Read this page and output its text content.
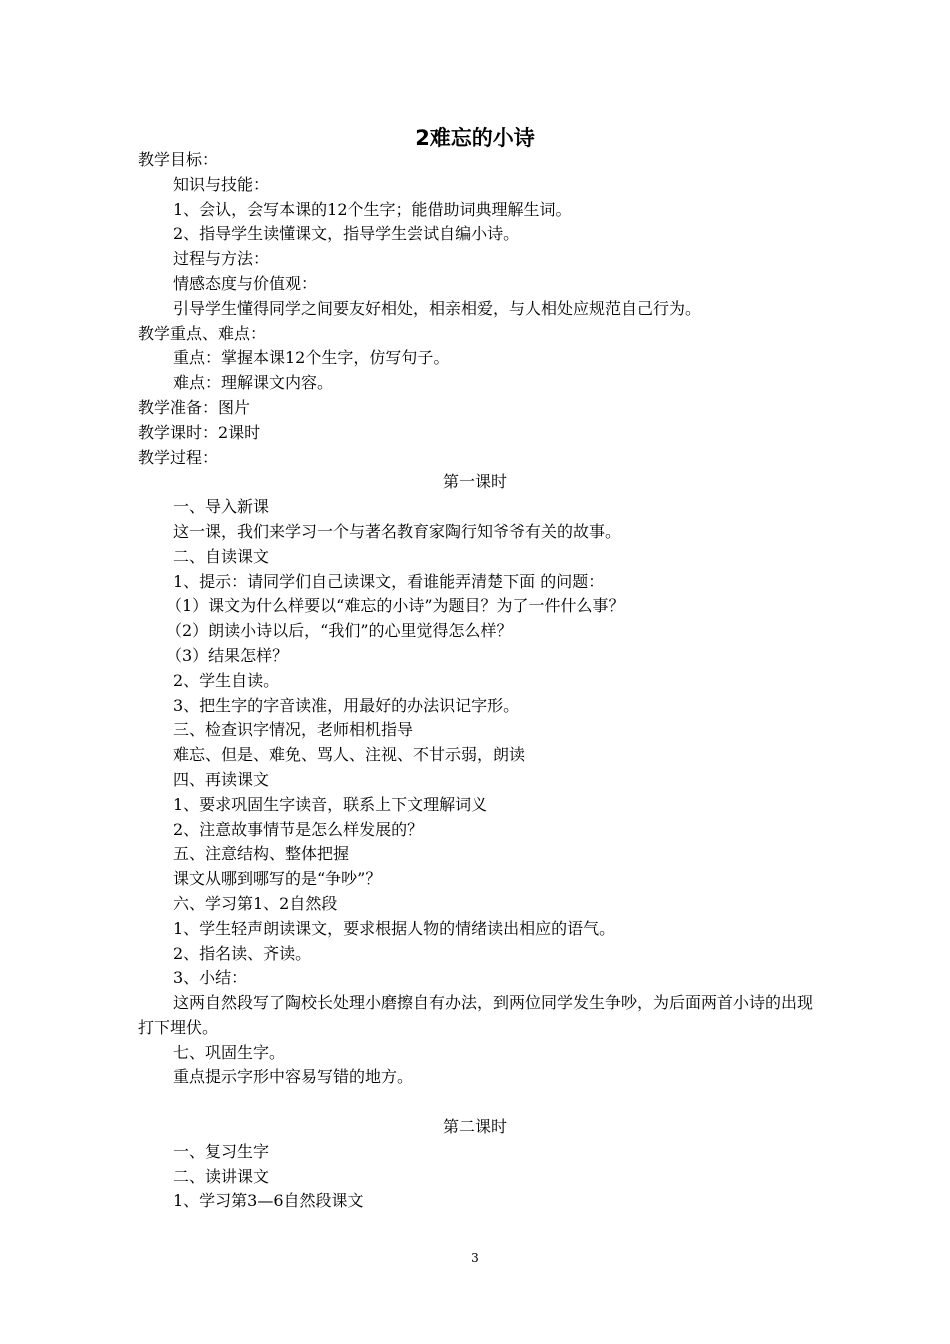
2难忘的小诗
教学目标：
知识与技能：
1、会认，会写本课的12个生字；能借助词典理解生词。
2、指导学生读懂课文，指导学生尝试自编小诗。
过程与方法：
情感态度与价值观：
引导学生懂得同学之间要友好相处，相亲相爱，与人相处应规范自己行为。
教学重点、难点：
重点：掌握本课12个生字，仿写句子。
难点：理解课文内容。
教学准备：图片
教学课时：2课时
教学过程：
第一课时
一、导入新课
这一课，我们来学习一个与著名教育家陶行知爷爷有关的故事。
二、自读课文
1、提示：请同学们自己读课文，看谁能弄清楚下面 的问题：
（1）课文为什么样要以“难忘的小诗”为题目？为了一件什么事？
（2）朗读小诗以后，“我们”的心里觉得怎么样？
（3）结果怎样？
2、学生自读。
3、把生字的字音读准，用最好的办法识记字形。
三、检查识字情况，老师相机指导
难忘、但是、难免、骂人、注视、不甘示弱，朗读
四、再读课文
1、要求巩固生字读音，联系上下文理解词义
2、注意故事情节是怎么样发展的？
五、注意结构、整体把握
课文从哪到哪写的是“争吵”？
六、学习第1、2自然段
1、学生轻声朗读课文，要求根据人物的情绪读出相应的语气。
2、指名读、齐读。
3、小结：
这两自然段写了陶校长处理小磨擦自有办法，到两位同学发生争吵，为后面两首小诗的出现打下埋伏。
七、巩固生字。
重点提示字形中容易写错的地方。
第二课时
一、复习生字
二、读讲课文
1、学习第3—6自然段课文
3
